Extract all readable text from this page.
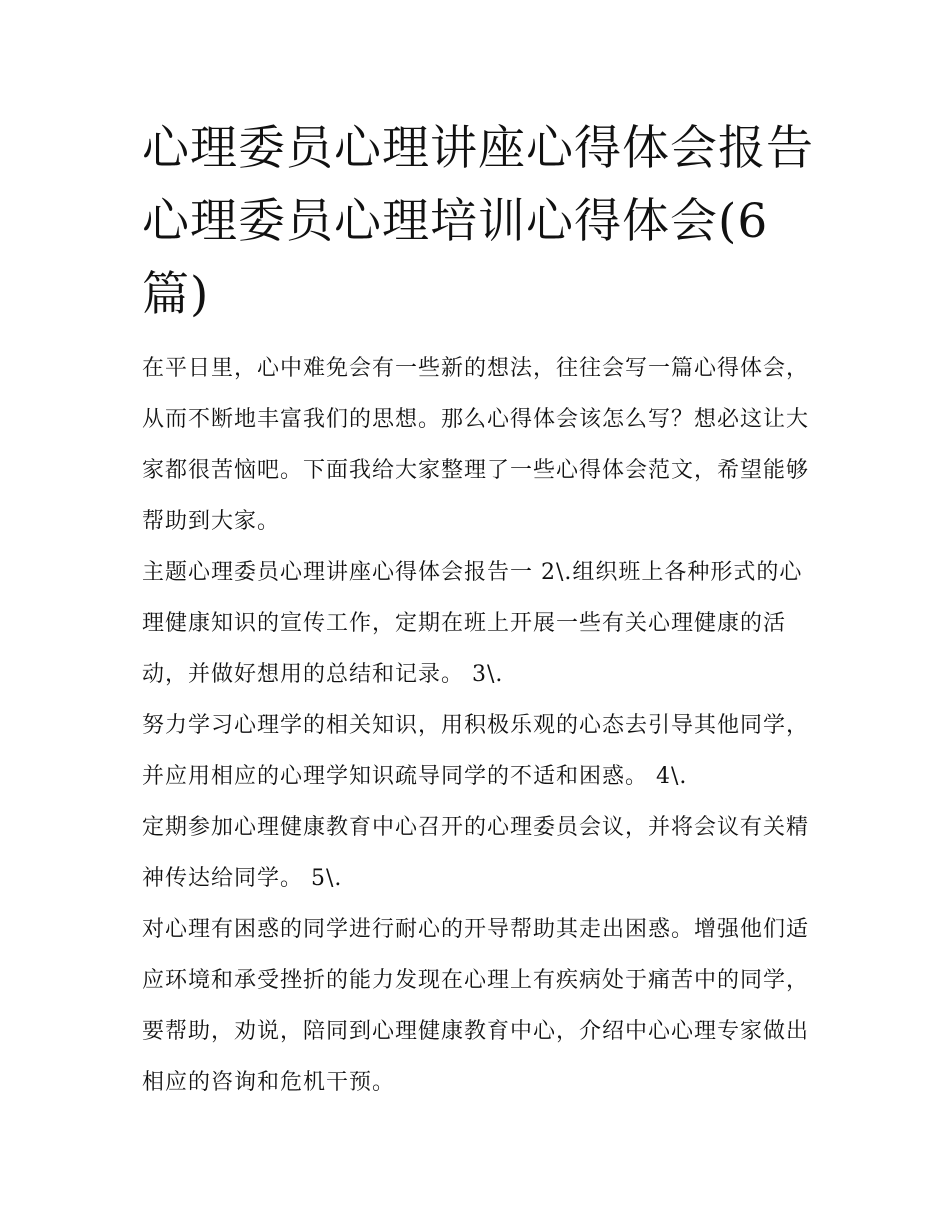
心理委员心理讲座心得体会报告 心理委员心理培训心得体会(6篇)

在平日里，心中难免会有一些新的想法，往往会写一篇心得体会，从而不断地丰富我们的思想。那么心得体会该怎么写？想必这让大家都很苦恼吧。下面我给大家整理了一些心得体会范文，希望能够帮助到大家。

主题心理委员心理讲座心得体会报告一 2\.组织班上各种形式的心理健康知识的宣传工作，定期在班上开展一些有关心理健康的活动，并做好想用的总结和记录。 3\.

努力学习心理学的相关知识，用积极乐观的心态去引导其他同学，并应用相应的心理学知识疏导同学的不适和困惑。 4\.

定期参加心理健康教育中心召开的心理委员会议，并将会议有关精神传达给同学。 5\.

对心理有困惑的同学进行耐心的开导帮助其走出困惑。增强他们适应环境和承受挫折的能力发现在心理上有疾病处于痛苦中的同学，要帮助，劝说，陪同到心理健康教育中心，介绍中心心理专家做出相应的咨询和危机干预。
